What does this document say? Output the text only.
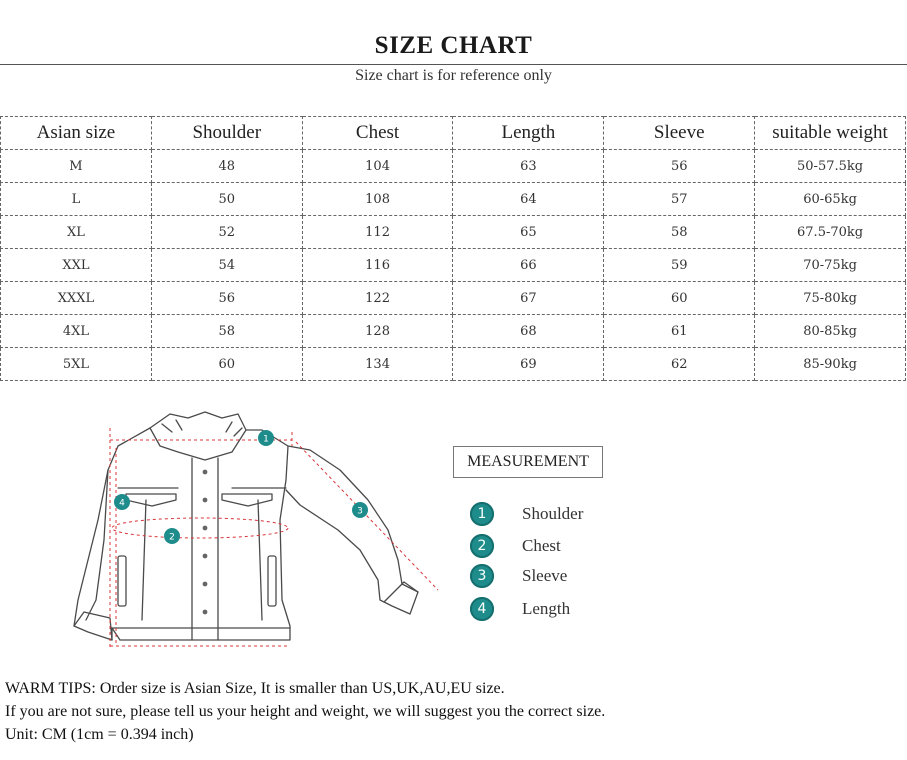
SIZE CHART
Size chart is for reference only
Asian size	Shoulder	Chest	Length	Sleeve	suitable weight
M	48	104	63	56	50-57.5kg
L	50	108	64	57	60-65kg
XL	52	112	65	58	67.5-70kg
XXL	54	116	66	59	70-75kg
XXXL	56	122	67	60	75-80kg
4XL	58	128	68	61	80-85kg
5XL	60	134	69	62	85-90kg
1
2
3
4
MEASUREMENT
1	Shoulder
2	Chest
3	Sleeve
4	Length
WARM TIPS: Order size is Asian Size, It is smaller than US,UK,AU,EU size.
If you are not sure, please tell us your height and weight, we will suggest you the correct size.
Unit: CM (1cm = 0.394 inch)
